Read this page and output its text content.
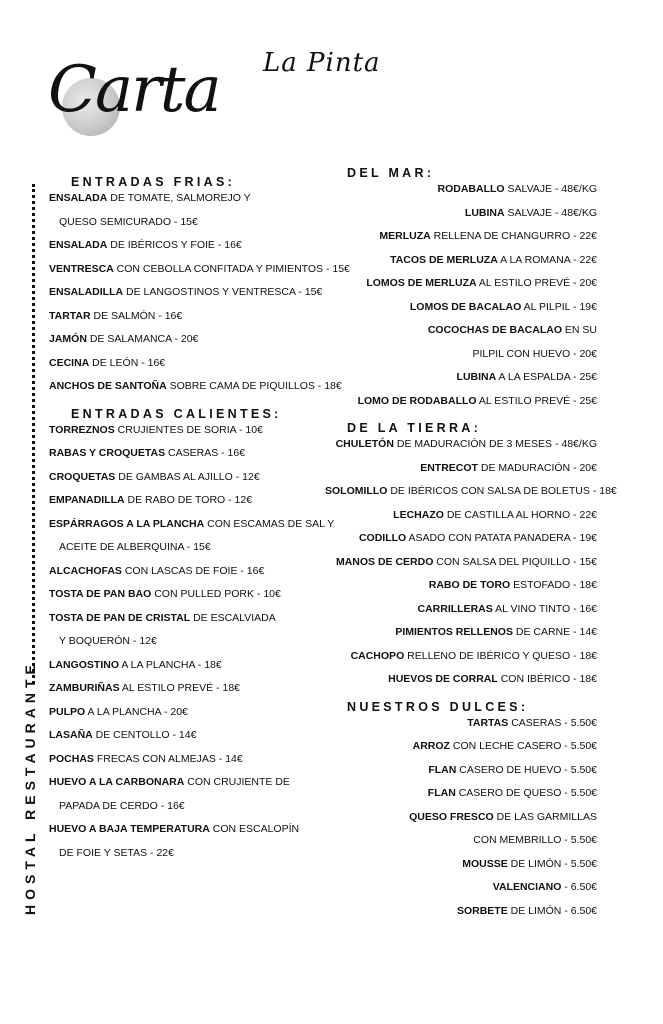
Carta La Pinta
HOSTAL RESTAURANTE
ENTRADAS FRIAS:
ENSALADA DE TOMATE, SALMOREJO Y
QUESO SEMICURADO - 15€
ENSALADA DE IBÉRICOS Y FOIE - 16€
VENTRESCA CON CEBOLLA CONFITADA Y PIMIENTOS - 15€
ENSALADILLA DE LANGOSTINOS Y VENTRESCA - 15€
TARTAR DE SALMÓN - 16€
JAMÓN DE SALAMANCA - 20€
CECINA DE LEÓN - 16€
ANCHOS DE SANTOÑA SOBRE CAMA DE PIQUILLOS - 18€
ENTRADAS CALIENTES:
TORREZNOS CRUJIENTES DE SORIA - 10€
RABAS Y CROQUETAS CASERAS - 16€
CROQUETAS DE GAMBAS AL AJILLO - 12€
EMPANADILLA DE RABO DE TORO - 12€
ESPÁRRAGOS A LA PLANCHA CON ESCAMAS DE SAL Y
ACEITE DE ALBERQUINA - 15€
ALCACHOFAS CON LASCAS DE FOIE - 16€
TOSTA DE PAN BAO CON PULLED PORK - 10€
TOSTA DE PAN DE CRISTAL DE ESCALVIADA
Y BOQUERÓN - 12€
LANGOSTINO A LA PLANCHA - 18€
ZAMBURIÑAS AL ESTILO PREVÉ - 18€
PULPO A LA PLANCHA - 20€
LASAÑA DE CENTOLLO - 14€
POCHAS FRECAS CON ALMEJAS - 14€
HUEVO A LA CARBONARA CON CRUJIENTE DE
PAPADA DE CERDO - 16€
HUEVO A BAJA TEMPERATURA CON ESCALOPÍN
DE FOIE Y SETAS - 22€
DEL MAR:
RODABALLO SALVAJE - 48€/KG
LUBINA SALVAJE - 48€/KG
MERLUZA RELLENA DE CHANGURRO - 22€
TACOS DE MERLUZA A LA ROMANA - 22€
LOMOS DE MERLUZA AL ESTILO PREVÉ - 20€
LOMOS DE BACALAO AL PILPIL - 19€
COCOCHAS DE BACALAO EN SU
PILPIL CON HUEVO - 20€
LUBINA A LA ESPALDA - 25€
LOMO DE RODABALLO AL ESTILO PREVÉ - 25€
DE LA TIERRA:
CHULETÓN DE MADURACIÓN DE 3 MESES - 48€/KG
ENTRECOT DE MADURACIÓN - 20€
SOLOMILLO DE IBÉRICOS CON SALSA DE BOLETUS - 18€
LECHAZO DE CASTILLA AL HORNO - 22€
CODILLO ASADO CON PATATA PANADERA - 19€
MANOS DE CERDO CON SALSA DEL PIQUILLO - 15€
RABO DE TORO ESTOFADO - 18€
CARRILLERAS AL VINO TINTO - 16€
PIMIENTOS RELLENOS DE CARNE - 14€
CACHOPO RELLENO DE IBÉRICO Y QUESO - 18€
HUEVOS DE CORRAL CON IBÉRICO - 18€
NUESTROS DULCES:
TARTAS CASERAS - 5.50€
ARROZ CON LECHE CASERO - 5.50€
FLAN CASERO DE HUEVO - 5.50€
FLAN CASERO DE QUESO - 5.50€
QUESO FRESCO DE LAS GARMILLAS
CON MEMBRILLO - 5.50€
MOUSSE DE LIMÓN - 5.50€
VALENCIANO - 6.50€
SORBETE DE LIMÓN - 6.50€
